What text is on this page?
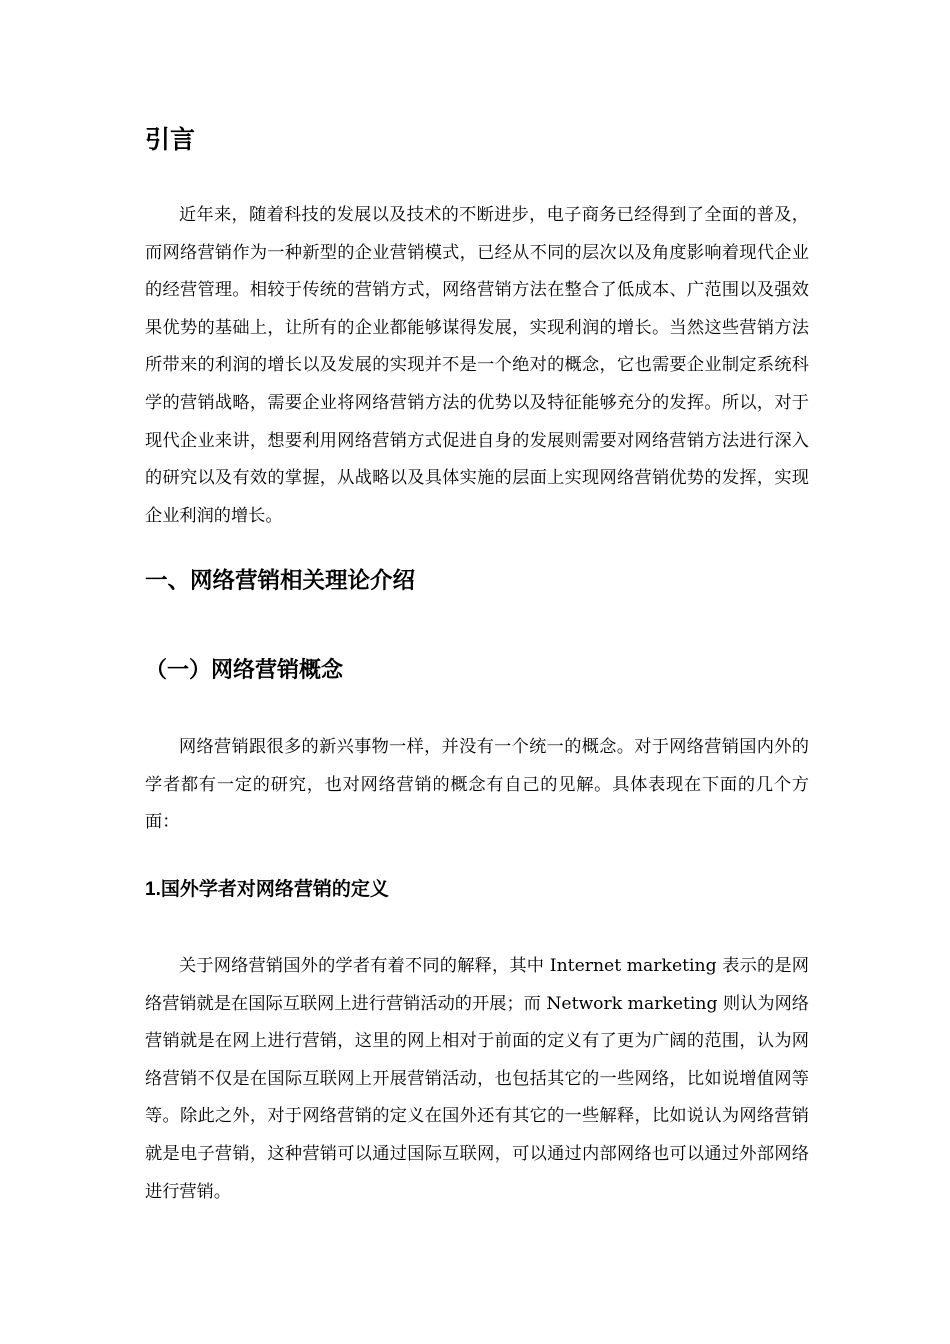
引言

近年来，随着科技的发展以及技术的不断进步，电子商务已经得到了全面的普及，而网络营销作为一种新型的企业营销模式，已经从不同的层次以及角度影响着现代企业的经营管理。相较于传统的营销方式，网络营销方法在整合了低成本、广范围以及强效果优势的基础上，让所有的企业都能够谋得发展，实现利润的增长。当然这些营销方法所带来的利润的增长以及发展的实现并不是一个绝对的概念，它也需要企业制定系统科学的营销战略，需要企业将网络营销方法的优势以及特征能够充分的发挥。所以，对于现代企业来讲，想要利用网络营销方式促进自身的发展则需要对网络营销方法进行深入的研究以及有效的掌握，从战略以及具体实施的层面上实现网络营销优势的发挥，实现企业利润的增长。

一、网络营销相关理论介绍
（一）网络营销概念

网络营销跟很多的新兴事物一样，并没有一个统一的概念。对于网络营销国内外的学者都有一定的研究，也对网络营销的概念有自己的见解。具体表现在下面的几个方面：

1.国外学者对网络营销的定义

关于网络营销国外的学者有着不同的解释，其中 Internet marketing 表示的是网络营销就是在国际互联网上进行营销活动的开展；而 Network marketing 则认为网络营销就是在网上进行营销，这里的网上相对于前面的定义有了更为广阔的范围，认为网络营销不仅是在国际互联网上开展营销活动，也包括其它的一些网络，比如说增值网等等。除此之外，对于网络营销的定义在国外还有其它的一些解释，比如说认为网络营销就是电子营销，这种营销可以通过国际互联网，可以通过内部网络也可以通过外部网络进行营销。
